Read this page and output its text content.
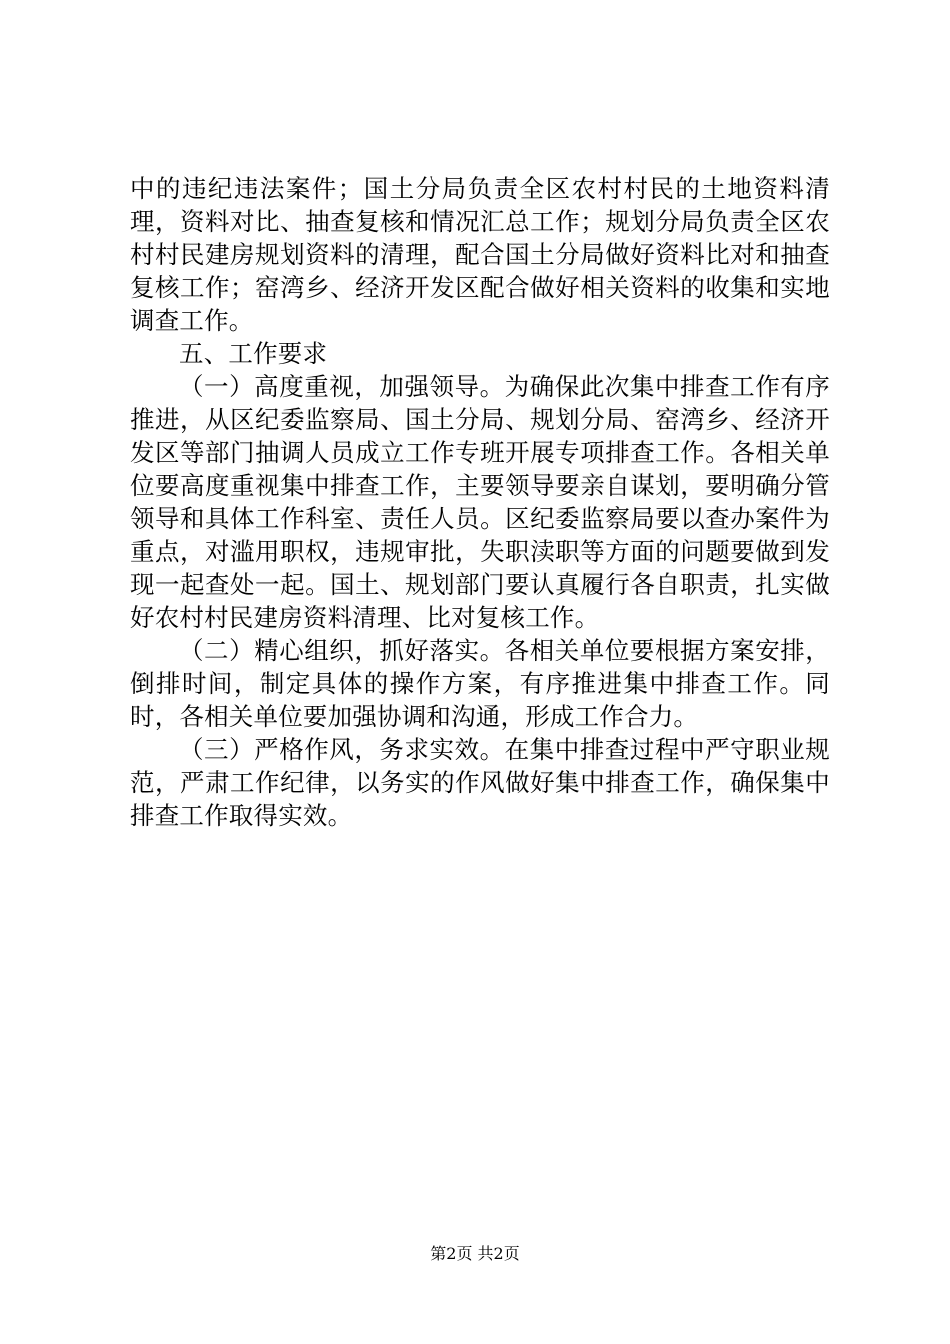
中的违纪违法案件；国土分局负责全区农村村民的土地资料清理，资料对比、抽查复核和情况汇总工作；规划分局负责全区农村村民建房规划资料的清理，配合国土分局做好资料比对和抽查复核工作；窑湾乡、经济开发区配合做好相关资料的收集和实地调查工作。

五、工作要求

（一）高度重视，加强领导。为确保此次集中排查工作有序推进，从区纪委监察局、国土分局、规划分局、窑湾乡、经济开发区等部门抽调人员成立工作专班开展专项排查工作。各相关单位要高度重视集中排查工作，主要领导要亲自谋划，要明确分管领导和具体工作科室、责任人员。区纪委监察局要以查办案件为重点，对滥用职权，违规审批，失职渎职等方面的问题要做到发现一起查处一起。国土、规划部门要认真履行各自职责，扎实做好农村村民建房资料清理、比对复核工作。

（二）精心组织，抓好落实。各相关单位要根据方案安排，倒排时间，制定具体的操作方案，有序推进集中排查工作。同时，各相关单位要加强协调和沟通，形成工作合力。

（三）严格作风，务求实效。在集中排查过程中严守职业规范，严肃工作纪律，以务实的作风做好集中排查工作，确保集中排查工作取得实效。

第2页 共2页
